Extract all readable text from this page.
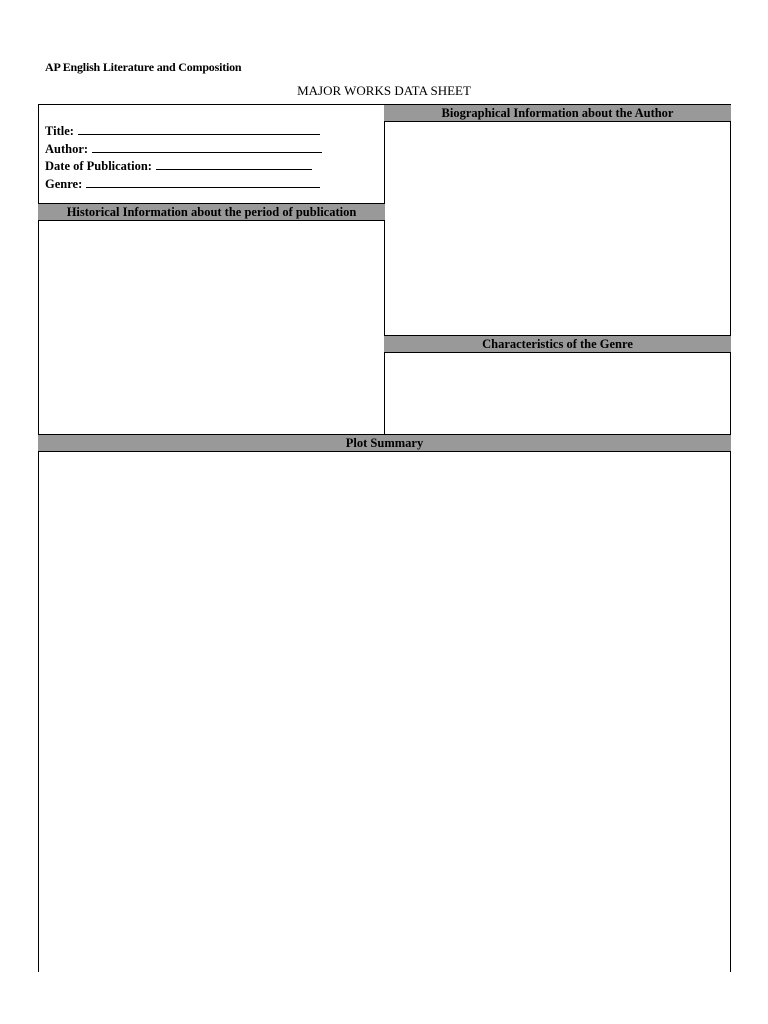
AP English Literature and Composition
MAJOR WORKS DATA SHEET
Biographical Information about the Author
Title:
Author:
Date of Publication:
Genre:
Historical Information about the period of publication
Characteristics of the Genre
Plot Summary
